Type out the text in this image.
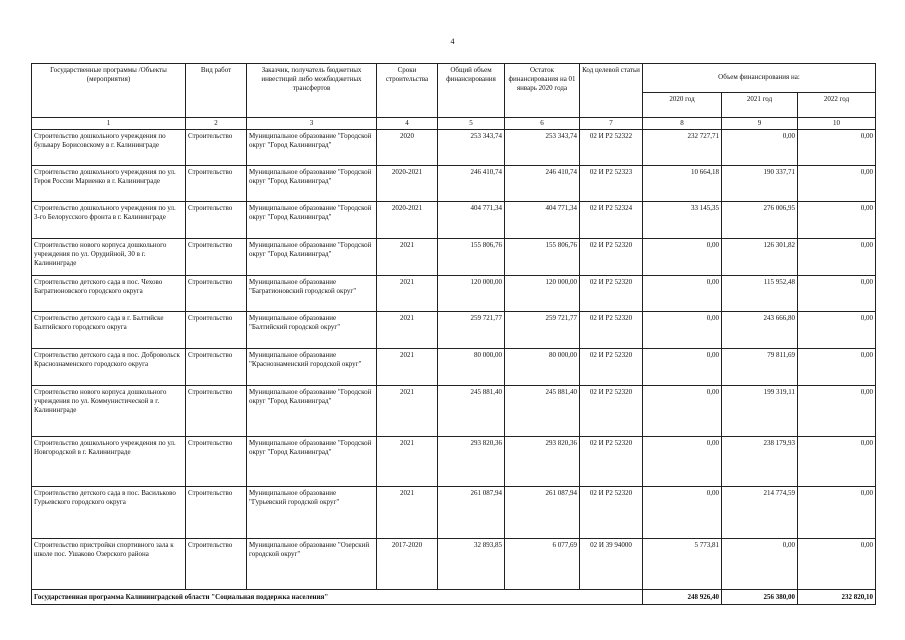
4
Государственные программы /Объекты (мероприятия)	Вид работ	Заказчик, получатель бюджетных инвестиций либо межбюджетных трансфертов	Сроки строительства	Общий объем финансирования	Остаток финансирования на 01 январь 2020 года	Код целевой статьи	Объем финансирования на:		
							2020 год	2021 год	2022 год
1	2	3	4	5	6	7	8	9	10
Строительство дошкольного учреждения по бульвару Борисовскому в г. Калининграде	Строительство	Муниципальное образование "Городской округ "Город Калининград"	2020	253 343,74	253 343,74	02 И Р2 52322	232 727,71	0,00	0,00
Строительство дошкольного учреждения по ул. Героя России Мариенко в г. Калининграде	Строительство	Муниципальное образование "Городской округ "Город Калининград"	2020-2021	246 410,74	246 410,74	02 И Р2 52323	10 664,18	190 337,71	0,00
Строительство дошкольного учреждения по ул. 3-го Белорусского фронта в г. Калининграде	Строительство	Муниципальное образование "Городской округ "Город Калининград"	2020-2021	404 771,34	404 771,34	02 И Р2 52324	33 145,35	276 006,95	0,00
Строительство нового корпуса дошкольного учреждения по ул. Орудийной, 30 в г. Калининграде	Строительство	Муниципальное образование "Городской округ "Город Калининград"	2021	155 806,76	155 806,76	02 И Р2 52320	0,00	126 301,82	0,00
Строительство детского сада в пос. Чехово Багратионовского городского округа	Строительство	Муниципальное образование "Багратионовский городской округ"	2021	120 000,00	120 000,00	02 И Р2 52320	0,00	115 952,48	0,00
Строительство детского сада в г. Балтийске Балтийского городского округа	Строительство	Муниципальное образование "Балтийский городской округ"	2021	259 721,77	259 721,77	02 И Р2 52320	0,00	243 666,80	0,00
Строительство детского сада в пос. Добровольск Краснознаменского городского округа	Строительство	Муниципальное образование "Краснознаменский городской округ"	2021	80 000,00	80 000,00	02 И Р2 52320	0,00	79 811,69	0,00
Строительство нового корпуса дошкольного учреждения по ул. Коммунистической в г. Калининграде	Строительство	Муниципальное образование "Городской округ "Город Калининград"	2021	245 881,40	245 881,40	02 И Р2 52320	0,00	199 319,11	0,00
Строительство дошкольного учреждения по ул. Новгородской в г. Калининграде	Строительство	Муниципальное образование "Городской округ "Город Калининград"	2021	293 820,36	293 820,36	02 И Р2 52320	0,00	238 179,93	0,00
Строительство детского сада в пос. Васильково Гурьевского городского округа	Строительство	Муниципальное образование "Гурьевский городской округ"	2021	261 087,94	261 087,94	02 И Р2 52320	0,00	214 774,59	0,00
Строительство пристройки спортивного зала к школе пос. Ушаково Озерского района	Строительство	Муниципальное образование "Озерский городской округ"	2017-2020	32 893,85	6 077,69	02 И 39 94000	5 773,81	0,00	0,00
Государственная программа Калининградской области "Социальная поддержка населения"							248 926,40	256 380,00	232 820,10
